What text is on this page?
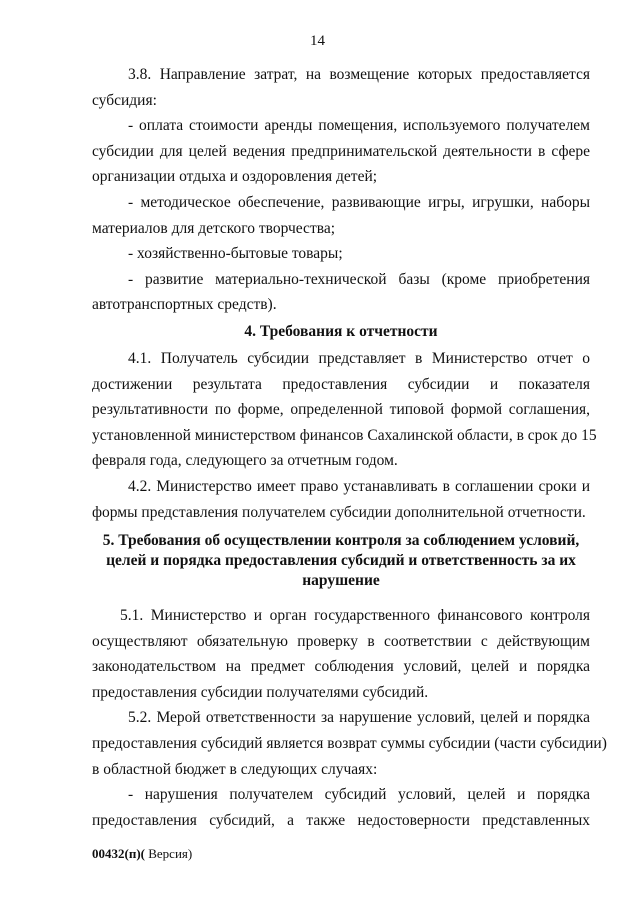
14
3.8. Направление затрат, на возмещение которых предоставляется
субсидия:
- оплата стоимости аренды помещения, используемого получателем
субсидии для целей ведения предпринимательской деятельности в сфере
организации отдыха и оздоровления детей;
- методическое обеспечение, развивающие игры, игрушки, наборы
материалов для детского творчества;
- хозяйственно-бытовые товары;
- развитие материально-технической базы (кроме приобретения
автотранспортных средств).
4. Требования к отчетности
4.1. Получатель субсидии представляет в Министерство отчет о
достижении результата предоставления субсидии и показателя
результативности по форме, определенной типовой формой соглашения,
установленной министерством финансов Сахалинской области, в срок до 15
февраля года, следующего за отчетным годом.
4.2. Министерство имеет право устанавливать в соглашении сроки и
формы представления получателем субсидии дополнительной отчетности.
5. Требования об осуществлении контроля за соблюдением условий,
целей и порядка предоставления субсидий и ответственность за их
нарушение
5.1. Министерство и орган государственного финансового контроля
осуществляют обязательную проверку в соответствии с действующим
законодательством на предмет соблюдения условий, целей и порядка
предоставления субсидии получателями субсидий.
5.2. Мерой ответственности за нарушение условий, целей и порядка
предоставления субсидий является возврат суммы субсидии (части субсидии)
в областной бюджет в следующих случаях:
- нарушения получателем субсидий условий, целей и порядка
предоставления субсидий, а также недостоверности представленных
00432(п)( Версия)
